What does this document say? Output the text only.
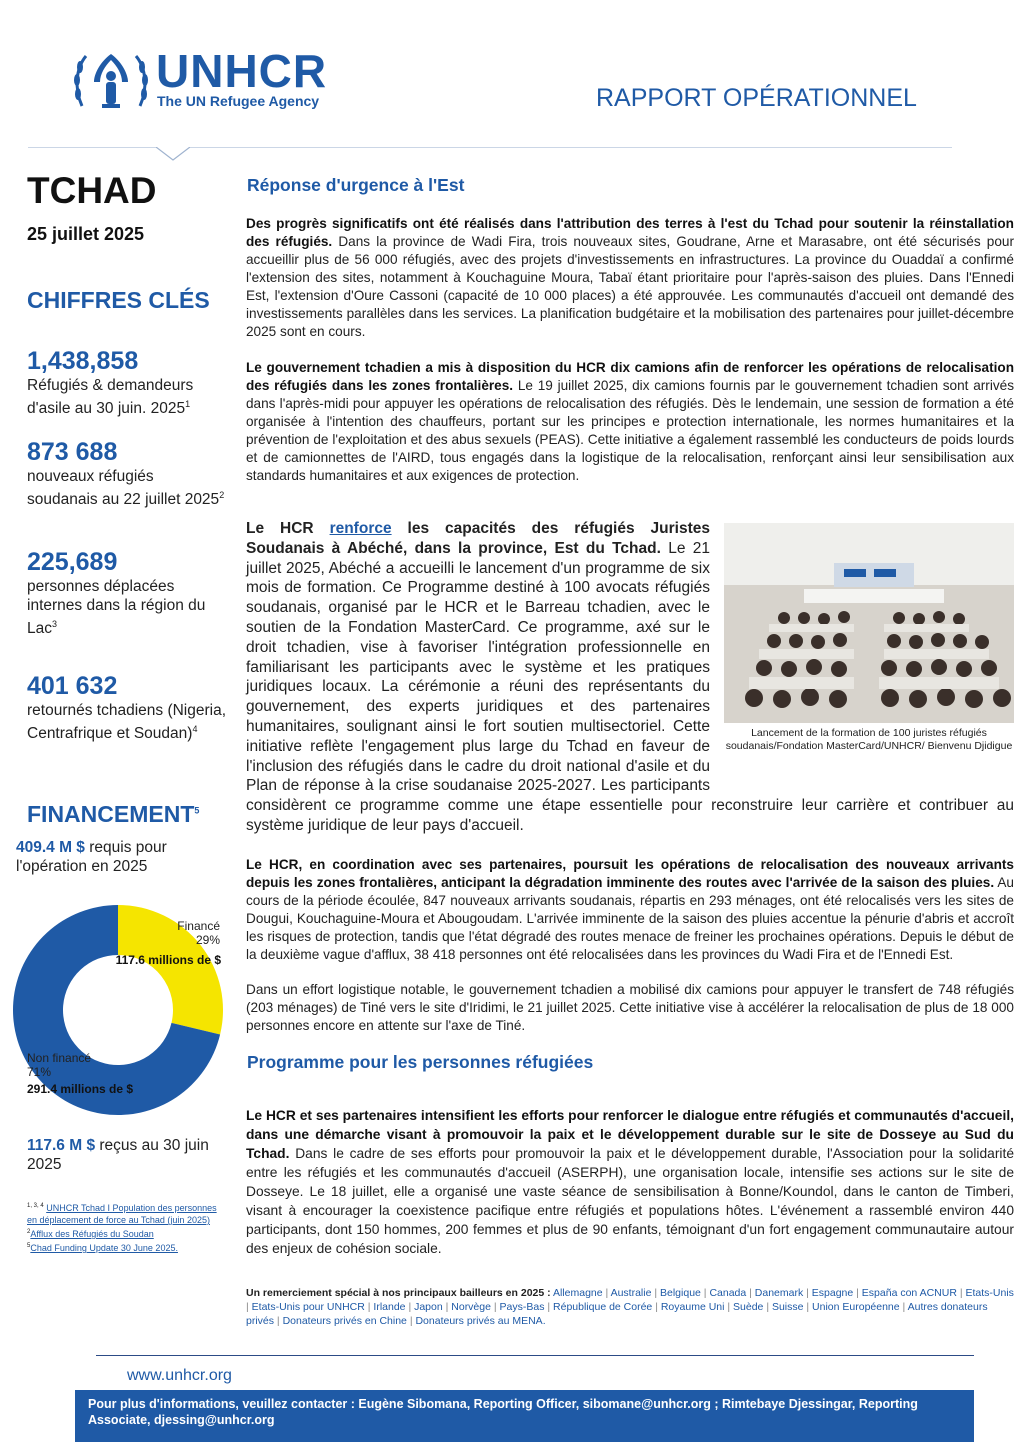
UNHCR
The UN Refugee Agency	RAPPORT OPÉRATIONNEL
TCHAD
25 juillet 2025
CHIFFRES CLÉS
1,438,858
Réfugiés & demandeurs d'asile au 30 juin. 2025$^1$
873 688
nouveaux réfugiés soudanais au 22 juillet 2025$^2$
225,689
personnes déplacées internes dans la région du Lac$^3$
401 632
retournés tchadiens (Nigeria, Centrafrique et Soudan)$^4$
FINANCEMENT$^5$
409.4 M $ requis pour l'opération en 2025
Financé
29%
117.6 millions de $
Non financé
71%
291.4 millions de $
117.6 M $ reçus au 30 juin 2025
$^{1, 3, 4}$ UNHCR Tchad I Population des personnes en déplacement de force au Tchad (juin 2025)
$^2$Afflux des Réfugiés du Soudan
$^5$Chad Funding Update 30 June 2025.
Réponse d'urgence à l'Est
Des progrès significatifs ont été réalisés dans l'attribution des terres à l'est du Tchad pour soutenir la réinstallation des réfugiés. Dans la province de Wadi Fira, trois nouveaux sites, Goudrane, Arne et Marasabre, ont été sécurisés pour accueillir plus de 56 000 réfugiés, avec des projets d'investissements en infrastructures. La province du Ouaddaï a confirmé l'extension des sites, notamment à Kouchaguine Moura, Tabaï étant prioritaire pour l'après-saison des pluies. Dans l'Ennedi Est, l'extension d'Oure Cassoni (capacité de 10 000 places) a été approuvée. Les communautés d'accueil ont demandé des investissements parallèles dans les services. La planification budgétaire et la mobilisation des partenaires pour juillet-décembre 2025 sont en cours.
Le gouvernement tchadien a mis à disposition du HCR dix camions afin de renforcer les opérations de relocalisation des réfugiés dans les zones frontalières. Le 19 juillet 2025, dix camions fournis par le gouvernement tchadien sont arrivés dans l'après-midi pour appuyer les opérations de relocalisation des réfugiés. Dès le lendemain, une session de formation a été organisée à l'intention des chauffeurs, portant sur les principes e protection internationale, les normes humanitaires et la prévention de l'exploitation et des abus sexuels (PEAS). Cette initiative a également rassemblé les conducteurs de poids lourds et de camionnettes de l'AIRD, tous engagés dans la logistique de la relocalisation, renforçant ainsi leur sensibilisation aux standards humanitaires et aux exigences de protection.
Lancement de la formation de 100 juristes réfugiés soudanais/Fondation MasterCard/UNHCR/ Bienvenu Djidigue
Le HCR renforce les capacités des réfugiés Juristes Soudanais à Abéché, dans la province, Est du Tchad. Le 21 juillet 2025, Abéché a accueilli le lancement d'un programme de six mois de formation. Ce Programme destiné à 100 avocats réfugiés soudanais, organisé par le HCR et le Barreau tchadien, avec le soutien de la Fondation MasterCard. Ce programme, axé sur le droit tchadien, vise à favoriser l'intégration professionnelle en familiarisant les participants avec le système et les pratiques juridiques locaux. La cérémonie a réuni des représentants du gouvernement, des experts juridiques et des partenaires humanitaires, soulignant ainsi le fort soutien multisectoriel. Cette initiative reflète l'engagement plus large du Tchad en faveur de l'inclusion des réfugiés dans le cadre du droit national d'asile et du Plan de réponse à la crise soudanaise 2025-2027. Les participants considèrent ce programme comme une étape essentielle pour reconstruire leur carrière et contribuer au système juridique de leur pays d'accueil.
Le HCR, en coordination avec ses partenaires, poursuit les opérations de relocalisation des nouveaux arrivants depuis les zones frontalières, anticipant la dégradation imminente des routes avec l'arrivée de la saison des pluies. Au cours de la période écoulée, 847 nouveaux arrivants soudanais, répartis en 293 ménages, ont été relocalisés vers les sites de Dougui, Kouchaguine-Moura et Abougoudam. L'arrivée imminente de la saison des pluies accentue la pénurie d'abris et accroît les risques de protection, tandis que l'état dégradé des routes menace de freiner les prochaines opérations. Depuis le début de la deuxième vague d'afflux, 38 418 personnes ont été relocalisées dans les provinces du Wadi Fira et de l'Ennedi Est.
Dans un effort logistique notable, le gouvernement tchadien a mobilisé dix camions pour appuyer le transfert de 748 réfugiés (203 ménages) de Tiné vers le site d'Iridimi, le 21 juillet 2025. Cette initiative vise à accélérer la relocalisation de plus de 18 000 personnes encore en attente sur l'axe de Tiné.
Programme pour les personnes réfugiées
Le HCR et ses partenaires intensifient les efforts pour renforcer le dialogue entre réfugiés et communautés d'accueil, dans une démarche visant à promouvoir la paix et le développement durable sur le site de Dosseye au Sud du Tchad. Dans le cadre de ses efforts pour promouvoir la paix et le développement durable, l'Association pour la solidarité entre les réfugiés et les communautés d'accueil (ASERPH), une organisation locale, intensifie ses actions sur le site de Dosseye. Le 18 juillet, elle a organisé une vaste séance de sensibilisation à Bonne/Koundol, dans le canton de Timberi, visant à encourager la coexistence pacifique entre réfugiés et populations hôtes. L'événement a rassemblé environ 440 participants, dont 150 hommes, 200 femmes et plus de 90 enfants, témoignant d'un fort engagement communautaire autour des enjeux de cohésion sociale.
Un remerciement spécial à nos principaux bailleurs en 2025 : Allemagne | Australie | Belgique | Canada | Danemark | Espagne | España con ACNUR | Etats-Unis | Etats-Unis pour UNHCR | Irlande | Japon | Norvège | Pays-Bas | République de Corée | Royaume Uni | Suède | Suisse | Union Européenne | Autres donateurs privés | Donateurs privés en Chine | Donateurs privés au MENA.
www.unhcr.org
Pour plus d'informations, veuillez contacter : Eugène Sibomana, Reporting Officer, sibomane@unhcr.org ; Rimtebaye Djessingar, Reporting Associate, djessing@unhcr.org
